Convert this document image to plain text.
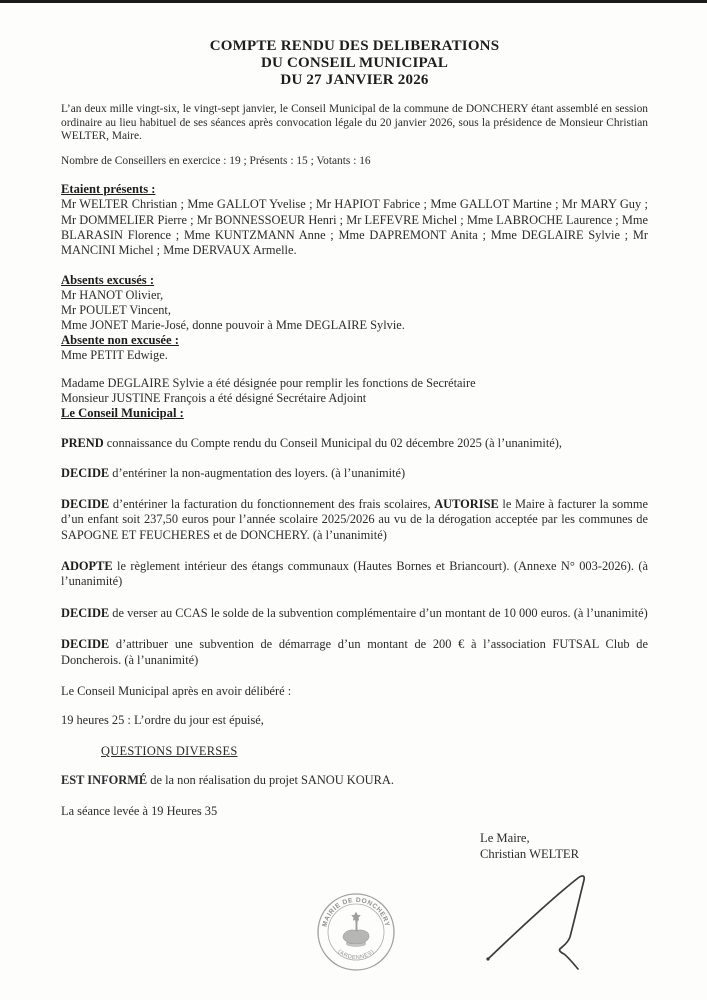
COMPTE RENDU DES DELIBERATIONS
DU CONSEIL MUNICIPAL
DU 27 JANVIER 2026

L’an deux mille vingt-six, le vingt-sept janvier, le Conseil Municipal de la commune de DONCHERY étant assemblé en session ordinaire au lieu habituel de ses séances après convocation légale du 20 janvier 2026, sous la présidence de Monsieur Christian WELTER, Maire.

Nombre de Conseillers en exercice : 19 ; Présents : 15 ; Votants : 16

Etaient présents :

Mr WELTER Christian ; Mme GALLOT Yvelise ; Mr HAPIOT Fabrice ; Mme GALLOT Martine ; Mr MARY Guy ; Mr DOMMELIER Pierre ; Mr BONNESSOEUR Henri ; Mr LEFEVRE Michel ; Mme LABROCHE Laurence ; Mme BLARASIN Florence ; Mme KUNTZMANN Anne ; Mme DAPREMONT Anita ; Mme DEGLAIRE Sylvie ; Mr MANCINI Michel ; Mme DERVAUX Armelle.

Absents excusés :

Mr HANOT Olivier,

Mr POULET Vincent,

Mme JONET Marie-José, donne pouvoir à Mme DEGLAIRE Sylvie.

Absente non excusée :

Mme PETIT Edwige.

Madame DEGLAIRE Sylvie a été désignée pour remplir les fonctions de Secrétaire

Monsieur JUSTINE François a été désigné Secrétaire Adjoint

Le Conseil Municipal :

PREND connaissance du Compte rendu du Conseil Municipal du 02 décembre 2025 (à l’unanimité),

DECIDE d’entériner la non-augmentation des loyers. (à l’unanimité)

DECIDE d’entériner la facturation du fonctionnement des frais scolaires, AUTORISE le Maire à facturer la somme d’un enfant soit 237,50 euros pour l’année scolaire 2025/2026 au vu de la dérogation acceptée par les communes de SAPOGNE ET FEUCHERES et de DONCHERY. (à l’unanimité)

ADOPTE le règlement intérieur des étangs communaux (Hautes Bornes et Briancourt). (Annexe N° 003-2026). (à l’unanimité)

DECIDE de verser au CCAS le solde de la subvention complémentaire d’un montant de 10 000 euros. (à l’unanimité)

DECIDE d’attribuer une subvention de démarrage d’un montant de 200 € à l’association FUTSAL Club de Doncherois. (à l’unanimité)

Le Conseil Municipal après en avoir délibéré :

19 heures 25 : L’ordre du jour est épuisé,

QUESTIONS DIVERSES

EST INFORMÉ de la non réalisation du projet SANOU KOURA.

La séance levée à 19 Heures 35

Le Maire,
Christian WELTER
MAIRIE DE DONCHERY
(ARDENNES)
